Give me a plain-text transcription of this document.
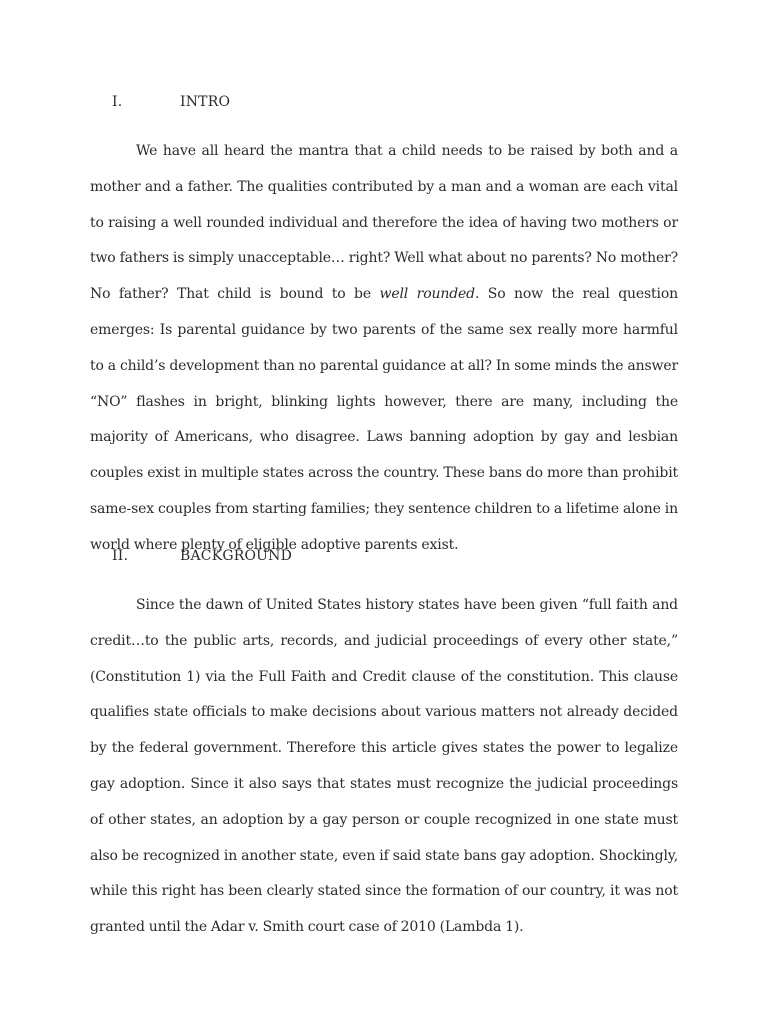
I.	INTRO

We have all heard the mantra that a child needs to be raised by both and a mother and a father. The qualities contributed by a man and a woman are each vital to raising a well rounded individual and therefore the idea of having two mothers or two fathers is simply unacceptable… right? Well what about no parents? No mother? No father? That child is bound to be well rounded. So now the real question emerges: Is parental guidance by two parents of the same sex really more harmful to a child’s development than no parental guidance at all? In some minds the answer “NO” flashes in bright, blinking lights however, there are many, including the majority of Americans, who disagree. Laws banning adoption by gay and lesbian couples exist in multiple states across the country. These bans do more than prohibit same-sex couples from starting families; they sentence children to a lifetime alone in world where plenty of eligible adoptive parents exist.

II.	BACKGROUND

Since the dawn of United States history states have been given “full faith and credit…to the public arts, records, and judicial proceedings of every other state,” (Constitution 1) via the Full Faith and Credit clause of the constitution. This clause qualifies state officials to make decisions about various matters not already decided by the federal government. Therefore this article gives states the power to legalize gay adoption. Since it also says that states must recognize the judicial proceedings of other states, an adoption by a gay person or couple recognized in one state must also be recognized in another state, even if said state bans gay adoption. Shockingly, while this right has been clearly stated since the formation of our country, it was not granted until the Adar v. Smith court case of 2010 (Lambda 1).
